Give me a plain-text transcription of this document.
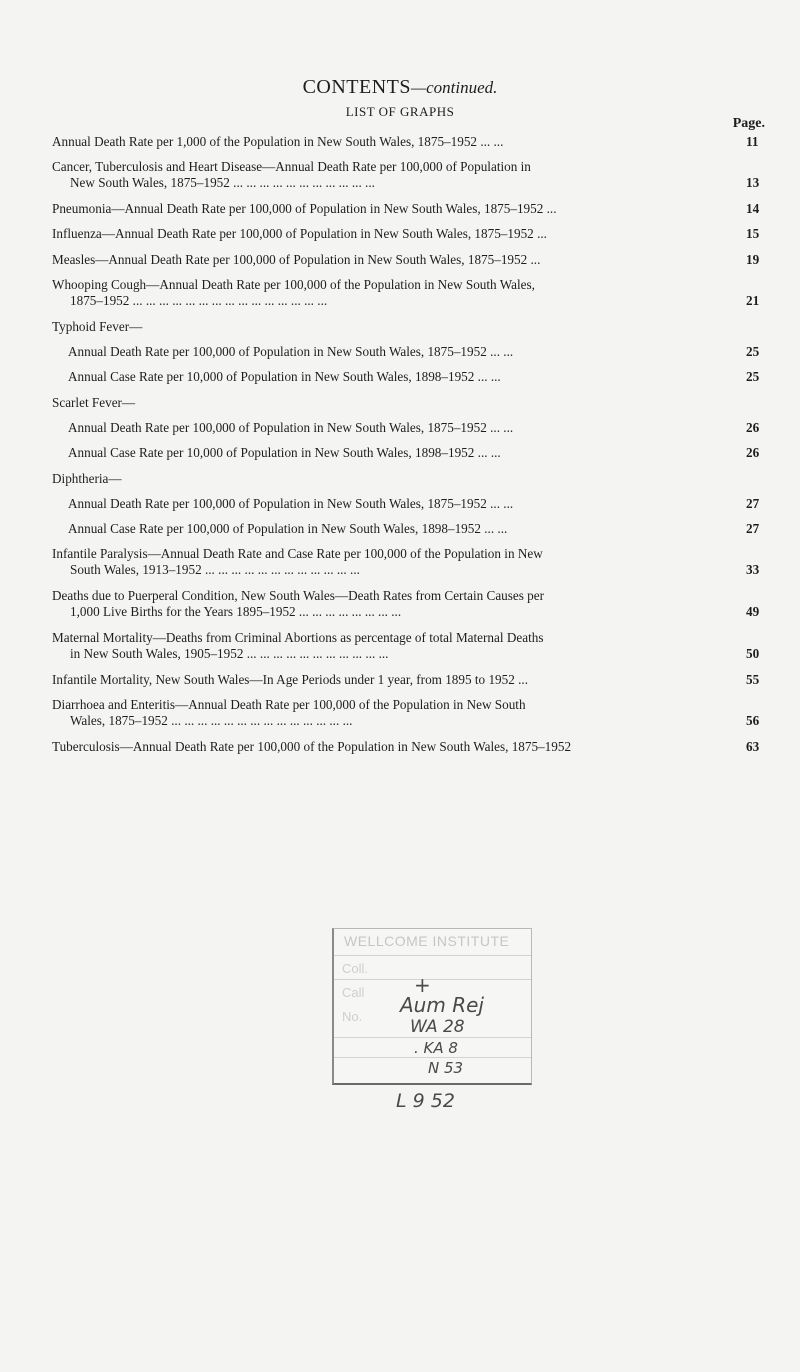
CONTENTS—continued.
LIST OF GRAPHS
Page.
Annual Death Rate per 1,000 of the Population in New South Wales, 1875–1952 ... ...	11
Cancer, Tuberculosis and Heart Disease—Annual Death Rate per 100,000 of Population in
New South Wales, 1875–1952 ... ... ... ... ... ... ... ... ... ... ...	13
Pneumonia—Annual Death Rate per 100,000 of Population in New South Wales, 1875–1952 ...	14
Influenza—Annual Death Rate per 100,000 of Population in New South Wales, 1875–1952 ...	15
Measles—Annual Death Rate per 100,000 of Population in New South Wales, 1875–1952 ...	19
Whooping Cough—Annual Death Rate per 100,000 of the Population in New South Wales,
1875–1952 ... ... ... ... ... ... ... ... ... ... ... ... ... ... ...	21
Typhoid Fever—
Annual Death Rate per 100,000 of Population in New South Wales, 1875–1952 ... ...	25
Annual Case Rate per 10,000 of Population in New South Wales, 1898–1952 ... ...	25
Scarlet Fever—
Annual Death Rate per 100,000 of Population in New South Wales, 1875–1952 ... ...	26
Annual Case Rate per 10,000 of Population in New South Wales, 1898–1952 ... ...	26
Diphtheria—
Annual Death Rate per 100,000 of Population in New South Wales, 1875–1952 ... ...	27
Annual Case Rate per 100,000 of Population in New South Wales, 1898–1952 ... ...	27
Infantile Paralysis—Annual Death Rate and Case Rate per 100,000 of the Population in New
South Wales, 1913–1952 ... ... ... ... ... ... ... ... ... ... ... ...	33
Deaths due to Puerperal Condition, New South Wales—Death Rates from Certain Causes per
1,000 Live Births for the Years 1895–1952 ... ... ... ... ... ... ... ...	49
Maternal Mortality—Deaths from Criminal Abortions as percentage of total Maternal Deaths
in New South Wales, 1905–1952 ... ... ... ... ... ... ... ... ... ... ...	50
Infantile Mortality, New South Wales—In Age Periods under 1 year, from 1895 to 1952 ...	55
Diarrhoea and Enteritis—Annual Death Rate per 100,000 of the Population in New South
Wales, 1875–1952 ... ... ... ... ... ... ... ... ... ... ... ... ... ...	56
Tuberculosis—Annual Death Rate per 100,000 of the Population in New South Wales, 1875–1952	63
WELLCOME INSTITUTE
Coll.
Call
No.
+
Aum Rej
WA 28
. KA 8
N 53
L 9 52
